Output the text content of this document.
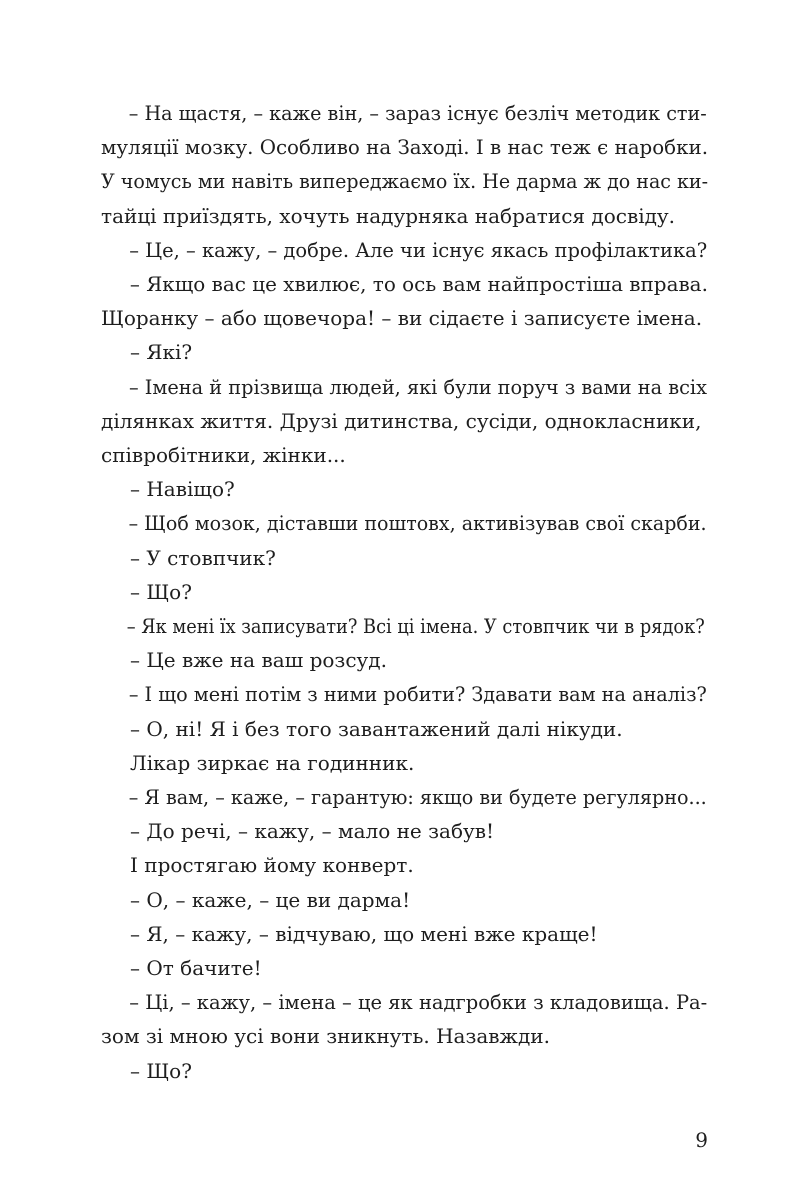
– На щастя, – каже він, – зараз існує безліч методик сти-
муляції мозку. Особливо на Заході. І в нас теж є наробки.
У чомусь ми навіть випереджаємо їх. Не дарма ж до нас ки-
тайці приїздять, хочуть надурняка набратися досвіду.
– Це, – кажу, – добре. Але чи існує якась профілактика?
– Якщо вас це хвилює, то ось вам найпростіша вправа.
Щоранку – або щовечора! – ви сідаєте і записуєте імена.
– Які?
– Імена й прізвища людей, які були поруч з вами на всіх
ділянках життя. Друзі дитинства, сусіди, однокласники,
співробітники, жінки...
– Навіщо?
– Щоб мозок, діставши поштовх, активізував свої скарби.
– У стовпчик?
– Що?
– Як мені їх записувати? Всі ці імена. У стовпчик чи в рядок?
– Це вже на ваш розсуд.
– І що мені потім з ними робити? Здавати вам на аналіз?
– О, ні! Я і без того завантажений далі нікуди.
Лікар зиркає на годинник.
– Я вам, – каже, – гарантую: якщо ви будете регулярно...
– До речі, – кажу, – мало не забув!
І простягаю йому конверт.
– О, – каже, – це ви дарма!
– Я, – кажу, – відчуваю, що мені вже краще!
– От бачите!
– Ці, – кажу, – імена – це як надгробки з кладовища. Ра-
зом зі мною усі вони зникнуть. Назавжди.
– Що?
9
